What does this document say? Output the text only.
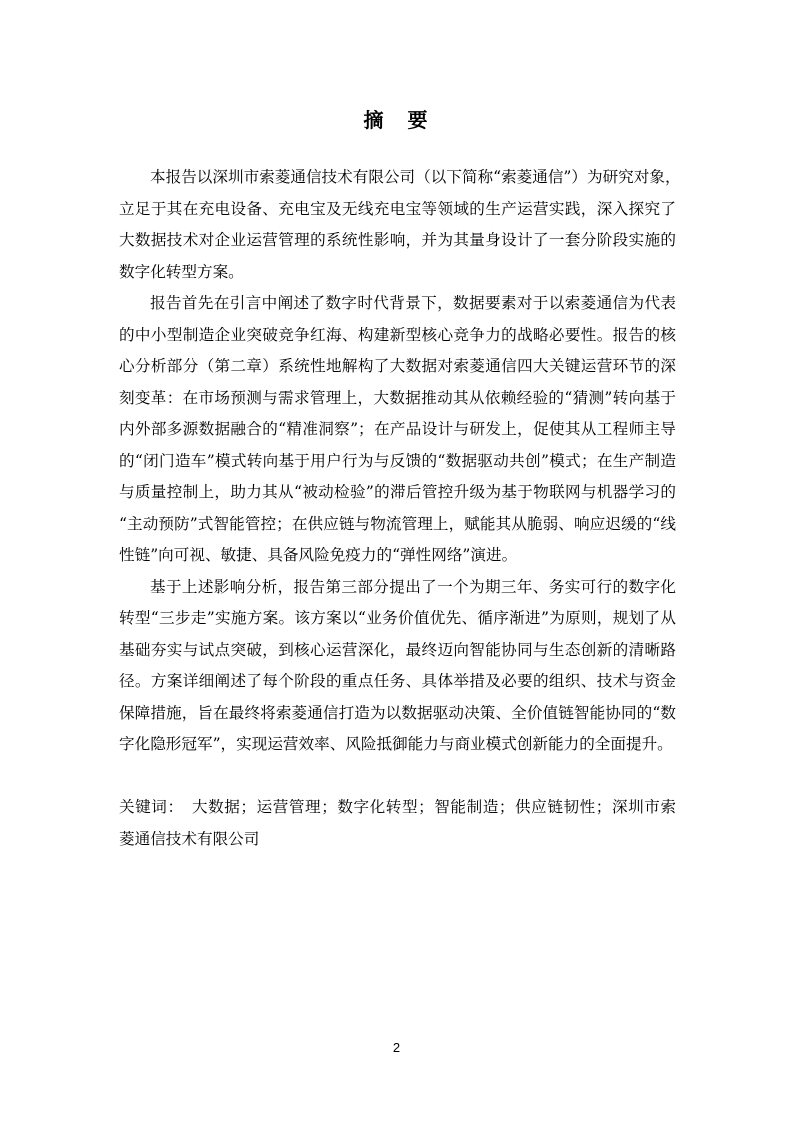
摘　要
本报告以深圳市索菱通信技术有限公司（以下简称“索菱通信”）为研究对象，
立足于其在充电设备、充电宝及无线充电宝等领域的生产运营实践，深入探究了
大数据技术对企业运营管理的系统性影响，并为其量身设计了一套分阶段实施的
数字化转型方案。
报告首先在引言中阐述了数字时代背景下，数据要素对于以索菱通信为代表
的中小型制造企业突破竞争红海、构建新型核心竞争力的战略必要性。报告的核
心分析部分（第二章）系统性地解构了大数据对索菱通信四大关键运营环节的深
刻变革：在市场预测与需求管理上，大数据推动其从依赖经验的“猜测”转向基于
内外部多源数据融合的“精准洞察”；在产品设计与研发上，促使其从工程师主导
的“闭门造车”模式转向基于用户行为与反馈的“数据驱动共创”模式；在生产制造
与质量控制上，助力其从“被动检验”的滞后管控升级为基于物联网与机器学习的
“主动预防”式智能管控；在供应链与物流管理上，赋能其从脆弱、响应迟缓的“线
性链”向可视、敏捷、具备风险免疫力的“弹性网络”演进。
基于上述影响分析，报告第三部分提出了一个为期三年、务实可行的数字化
转型“三步走”实施方案。该方案以“业务价值优先、循序渐进”为原则，规划了从
基础夯实与试点突破，到核心运营深化，最终迈向智能协同与生态创新的清晰路
径。方案详细阐述了每个阶段的重点任务、具体举措及必要的组织、技术与资金
保障措施，旨在最终将索菱通信打造为以数据驱动决策、全价值链智能协同的“数
字化隐形冠军”，实现运营效率、风险抵御能力与商业模式创新能力的全面提升。
关键词：　大数据；运营管理；数字化转型；智能制造；供应链韧性；深圳市索
菱通信技术有限公司
2
